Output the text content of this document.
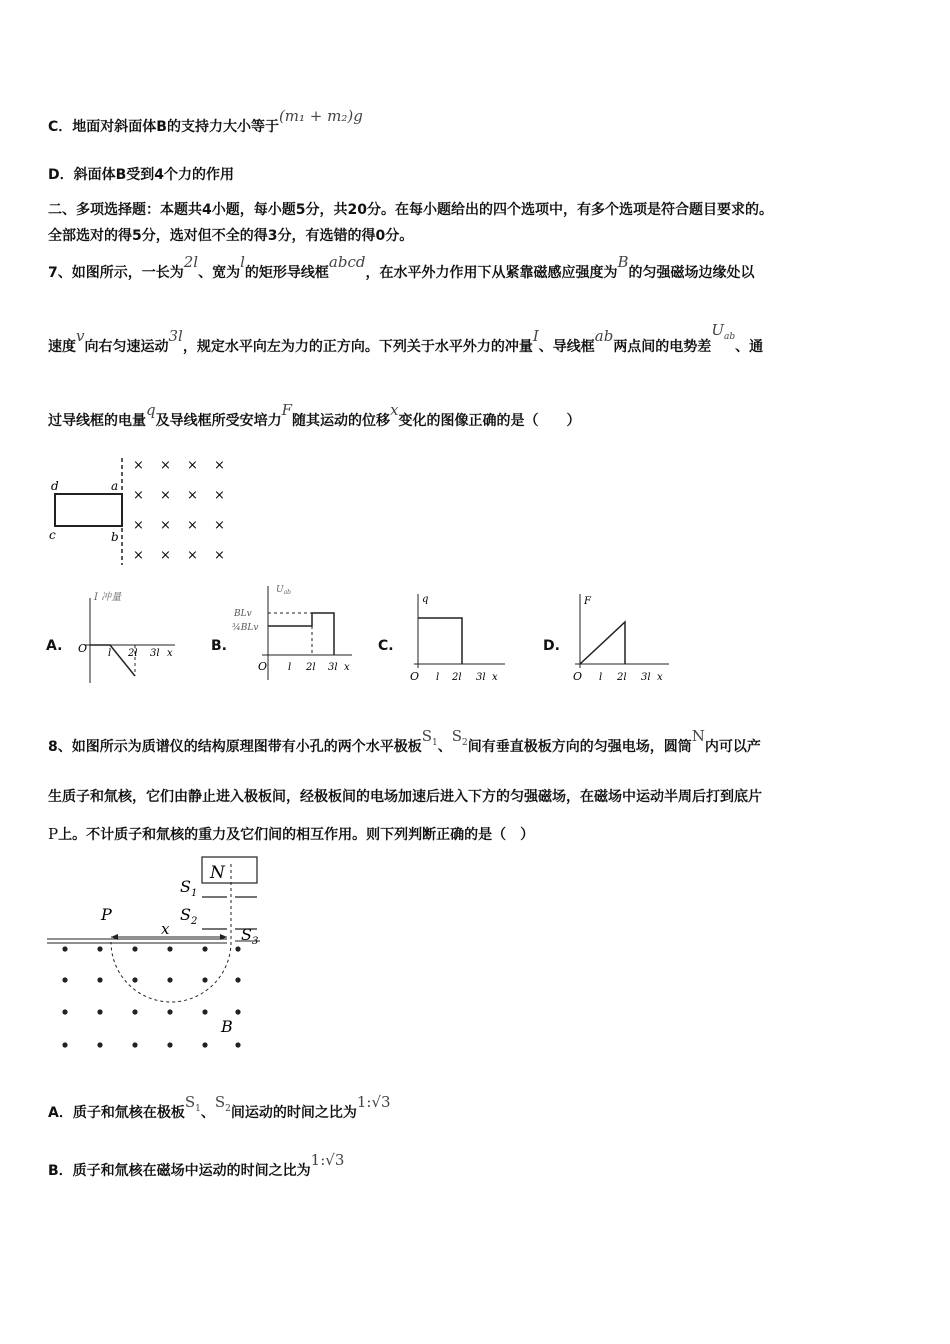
C．地面对斜面体B的支持力大小等于(m₁ + m₂)g
D．斜面体B受到4个力的作用
二、多项选择题：本题共4小题，每小题5分，共20分。在每小题给出的四个选项中，有多个选项是符合题目要求的。
全部选对的得5分，选对但不全的得3分，有选错的得0分。
7、如图所示，一长为2l、宽为l的矩形导线框abcd，在水平外力作用下从紧靠磁感应强度为B的匀强磁场边缘处以
速度v向右匀速运动3l，规定水平向左为力的正方向。下列关于水平外力的冲量I、导线框ab两点间的电势差$U_{ab}$、通
过导线框的电量q及导线框所受安培力F随其运动的位移x变化的图像正确的是（　　）
d	a
c	b
× × × ×
× × × ×
× × × ×
× × × ×
A.
I 冲量
O l 2l 3l x	B.
$U_{ab}$
BLv
¾BLv
O l 2l 3l x
C.
q
O l 2l 3l x
D.
F
O l 2l 3l x
8、如图所示为质谱仪的结构原理图带有小孔的两个水平极板$S_1$、$S_2$间有垂直极板方向的匀强电场，圆筒N内可以产
生质子和氚核，它们由静止进入极板间，经极板间的电场加速后进入下方的匀强磁场，在磁场中运动半周后打到底片
P上。不计质子和氚核的重力及它们间的相互作用。则下列判断正确的是（　）
N
$S_1$
$S_2$
$S_3$
P
x
B
A．质子和氚核在极板$S_1$、$S_2$间运动的时间之比为1:√3
B．质子和氚核在磁场中运动的时间之比为1:√3
